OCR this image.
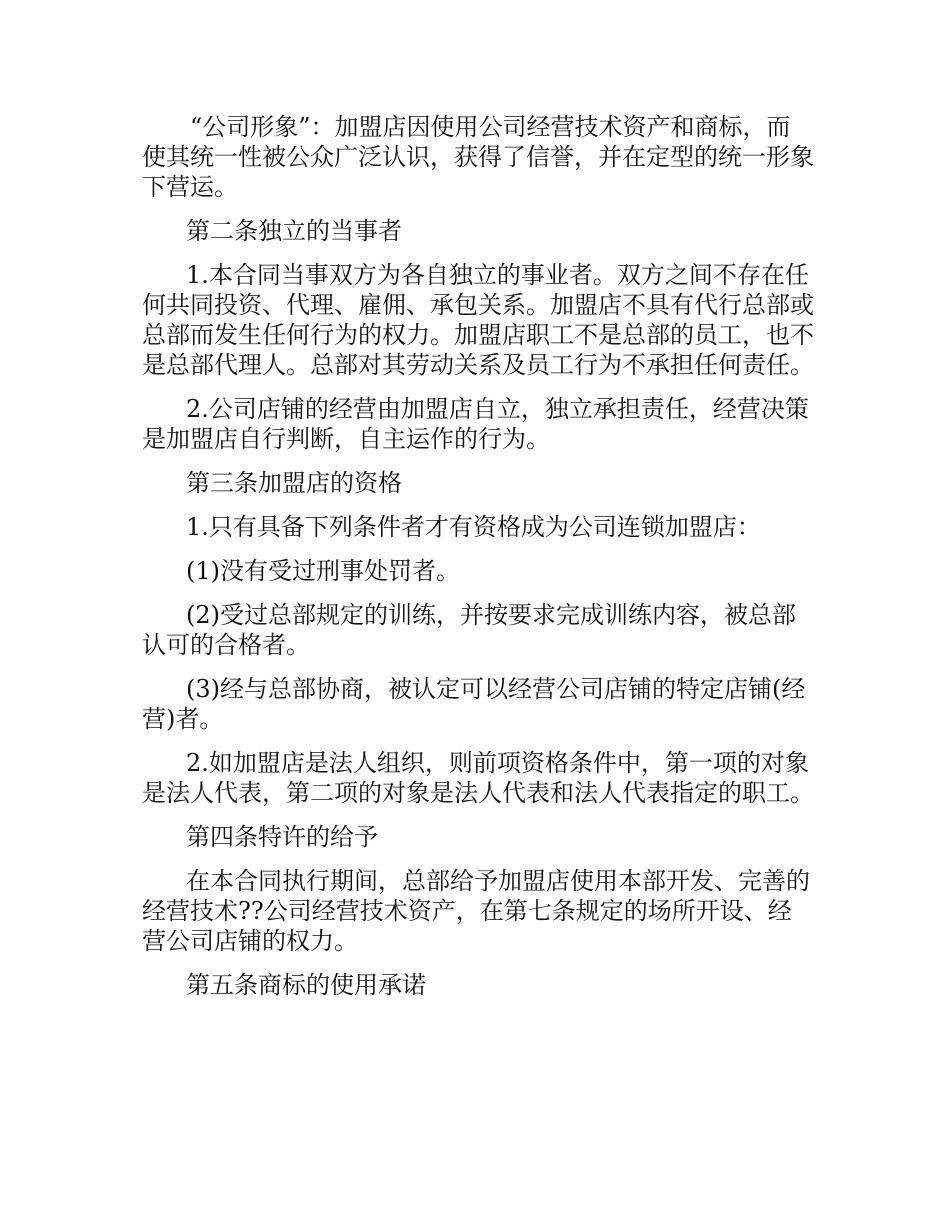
“公司形象”：加盟店因使用公司经营技术资产和商标，而使其统一性被公众广泛认识，获得了信誉，并在定型的统一形象下营运。

第二条独立的当事者

1.本合同当事双方为各自独立的事业者。双方之间不存在任何共同投资、代理、雇佣、承包关系。加盟店不具有代行总部或总部而发生任何行为的权力。加盟店职工不是总部的员工，也不是总部代理人。总部对其劳动关系及员工行为不承担任何责任。

2.公司店铺的经营由加盟店自立，独立承担责任，经营决策是加盟店自行判断，自主运作的行为。

第三条加盟店的资格

1.只有具备下列条件者才有资格成为公司连锁加盟店：

(1)没有受过刑事处罚者。

(2)受过总部规定的训练，并按要求完成训练内容，被总部认可的合格者。

(3)经与总部协商，被认定可以经营公司店铺的特定店铺(经营)者。

2.如加盟店是法人组织，则前项资格条件中，第一项的对象是法人代表，第二项的对象是法人代表和法人代表指定的职工。

第四条特许的给予

在本合同执行期间，总部给予加盟店使用本部开发、完善的经营技术??公司经营技术资产，在第七条规定的场所开设、经营公司店铺的权力。

第五条商标的使用承诺
